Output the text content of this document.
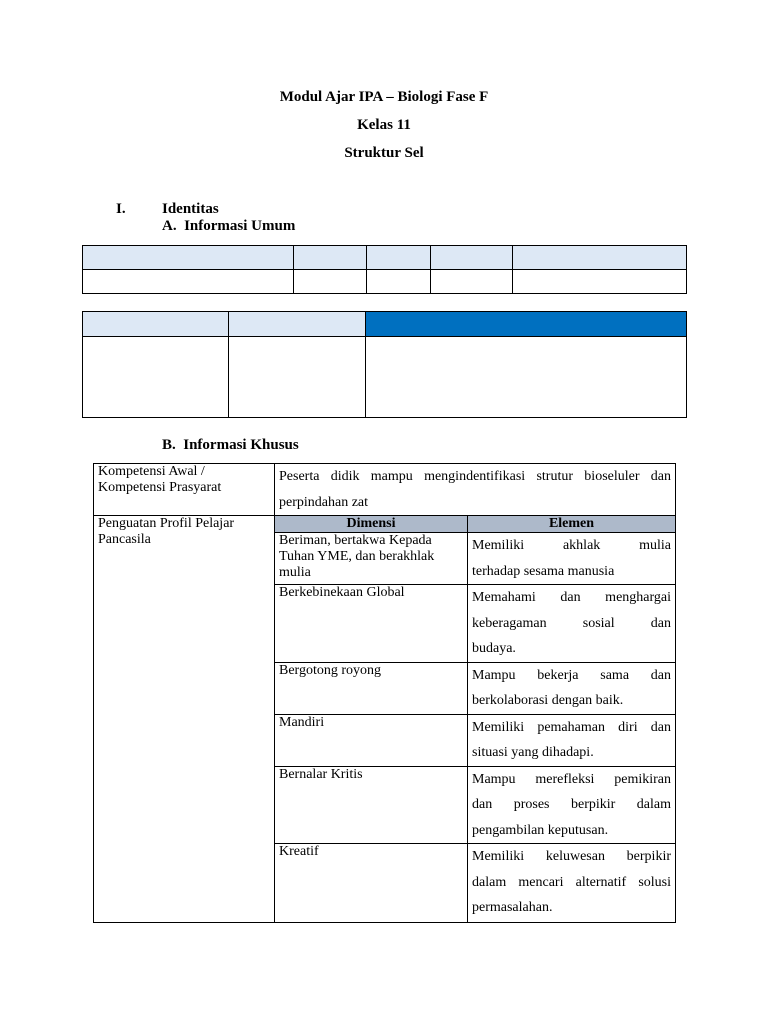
Modul Ajar IPA – Biologi Fase F
Kelas 11
Struktur Sel
I. Identitas
A.  Informasi Umum

B.  Informasi Khusus
Kompetensi Awal / Kompetensi Prasyarat	Peserta didik mampu mengindentifikasi strutur bioseluler dan
perpindahan zat	

Penguatan Profil Pelajar Pancasila	Dimensi	Elemen
	Beriman, bertakwa Kepada Tuhan YME, dan berakhlak mulia	Memiliki akhlak mulia
terhadap sesama manusia

	Berkebinekaan Global	Memahami dan menghargai
keberagaman sosial dan
budaya.

	Bergotong royong	Mampu bekerja sama dan
berkolaborasi dengan baik.

	Mandiri	Memiliki pemahaman diri dan
situasi yang dihadapi.

	Bernalar Kritis	Mampu merefleksi pemikiran
dan proses berpikir dalam
pengambilan keputusan.

	Kreatif	Memiliki keluwesan berpikir
dalam mencari alternatif solusi
permasalahan.
